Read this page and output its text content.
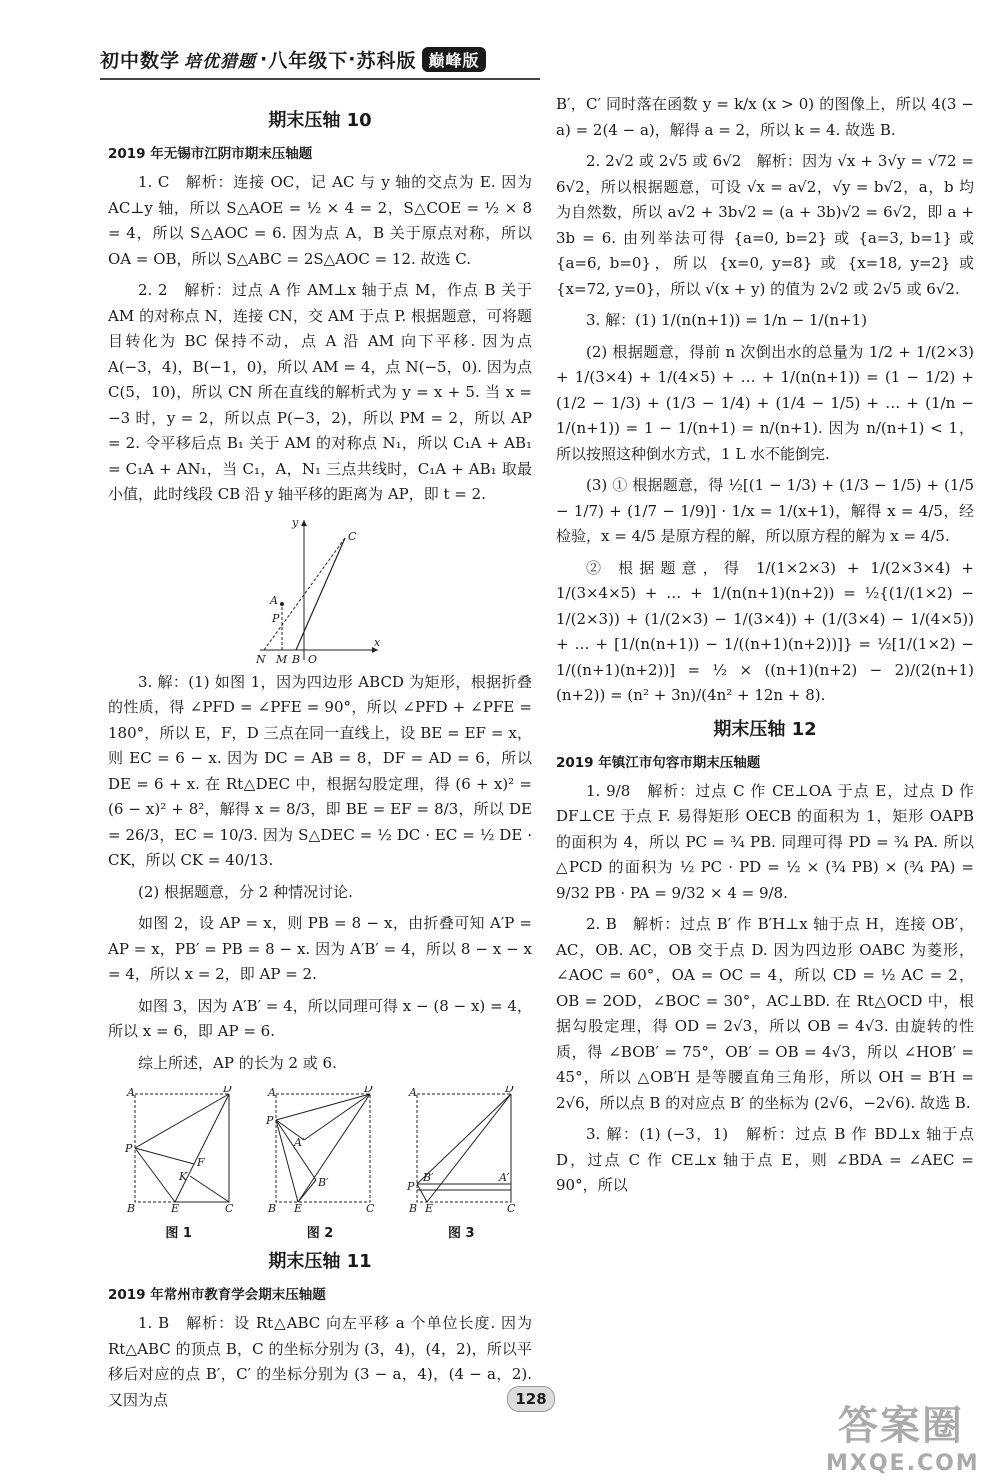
初中数学 培优猎题 · 八年级下 · 苏科版 巅峰版
期末压轴 10
2019 年无锡市江阴市期末压轴题

1. C　解析：连接 OC，记 AC 与 y 轴的交点为 E. 因为 AC⊥y 轴，所以 S△AOE = ½ × 4 = 2，S△COE = ½ × 8 = 4，所以 S△AOC = 6. 因为点 A，B 关于原点对称，所以 OA = OB，所以 S△ABC = 2S△AOC = 12. 故选 C.

2. 2　解析：过点 A 作 AM⊥x 轴于点 M，作点 B 关于 AM 的对称点 N，连接 CN，交 AM 于点 P. 根据题意，可将题目转化为 BC 保持不动，点 A 沿 AM 向下平移. 因为点 A(−3，4)，B(−1，0)，所以 AM = 4，点 N(−5，0). 因为点 C(5，10)，所以 CN 所在直线的解析式为 y = x + 5. 当 x = −3 时，y = 2，所以点 P(−3，2)，所以 PM = 2，所以 AP = 2. 令平移后点 B₁ 关于 AM 的对称点 N₁，所以 C₁A + AB₁ = C₁A + AN₁，当 C₁，A，N₁ 三点共线时，C₁A + AB₁ 取最小值，此时线段 CB 沿 y 轴平移的距离为 AP，即 t = 2.

y
C
A
P
N M B O
x

3. 解：(1) 如图 1，因为四边形 ABCD 为矩形，根据折叠的性质，得 ∠PFD = ∠PFE = 90°，所以 ∠PFD + ∠PFE = 180°，所以 E，F，D 三点在同一直线上，设 BE = EF = x，则 EC = 6 − x. 因为 DC = AB = 8，DF = AD = 6，所以 DE = 6 + x. 在 Rt△DEC 中，根据勾股定理，得 (6 + x)² = (6 − x)² + 8²，解得 x = 8/3，即 BE = EF = 8/3，所以 DE = 26/3，EC = 10/3. 因为 S△DEC = ½ DC · EC = ½ DE · CK，所以 CK = 40/13.

(2) 根据题意，分 2 种情况讨论.

如图 2，设 AP = x，则 PB = 8 − x，由折叠可知 A′P = AP = x，PB′ = PB = 8 − x. 因为 A′B′ = 4，所以 8 − x − x = 4，所以 x = 2，即 AP = 2.

如图 3，因为 A′B′ = 4，所以同理可得 x − (8 − x) = 4，所以 x = 6，即 AP = 6.

综上所述，AP 的长为 2 或 6.

A	D
P
K
F
B	E	C
图 1
A	D
P
A′
B′
B E	C
图 2
A	D
P
B′	A′
B E	C
图 3
期末压轴 11
2019 年常州市教育学会期末压轴题

1. B　解析：设 Rt△ABC 向左平移 a 个单位长度. 因为 Rt△ABC 的顶点 B，C 的坐标分别为 (3，4)，(4，2)，所以平移后对应的点 B′，C′ 的坐标分别为 (3 − a，4)，(4 − a，2). 又因为点

B′，C′ 同时落在函数 y = k/x (x > 0) 的图像上，所以 4(3 − a) = 2(4 − a)，解得 a = 2，所以 k = 4. 故选 B.

2. 2√2 或 2√5 或 6√2　解析：因为 √x + 3√y = √72 = 6√2，所以根据题意，可设 √x = a√2，√y = b√2，a，b 均为自然数，所以 a√2 + 3b√2 = (a + 3b)√2 = 6√2，即 a + 3b = 6. 由列举法可得 {a=0, b=2} 或 {a=3, b=1} 或 {a=6, b=0}，所以 {x=0, y=8} 或 {x=18, y=2} 或 {x=72, y=0}，所以 √(x + y) 的值为 2√2 或 2√5 或 6√2.

3. 解：(1) 1/(n(n+1)) = 1/n − 1/(n+1)

(2) 根据题意，得前 n 次倒出水的总量为 1/2 + 1/(2×3) + 1/(3×4) + 1/(4×5) + … + 1/(n(n+1)) = (1 − 1/2) + (1/2 − 1/3) + (1/3 − 1/4) + (1/4 − 1/5) + … + (1/n − 1/(n+1)) = 1 − 1/(n+1) = n/(n+1). 因为 n/(n+1) < 1，所以按照这种倒水方式，1 L 水不能倒完.

(3) ① 根据题意，得 ½[(1 − 1/3) + (1/3 − 1/5) + (1/5 − 1/7) + (1/7 − 1/9)] · 1/x = 1/(x+1)，解得 x = 4/5，经检验，x = 4/5 是原方程的解，所以原方程的解为 x = 4/5.

② 根据题意，得 1/(1×2×3) + 1/(2×3×4) + 1/(3×4×5) + … + 1/(n(n+1)(n+2)) = ½{(1/(1×2) − 1/(2×3)) + (1/(2×3) − 1/(3×4)) + (1/(3×4) − 1/(4×5)) + … + [1/(n(n+1)) − 1/((n+1)(n+2))]} = ½[1/(1×2) − 1/((n+1)(n+2))] = ½ × ((n+1)(n+2) − 2)/(2(n+1)(n+2)) = (n² + 3n)/(4n² + 12n + 8).

期末压轴 12
2019 年镇江市句容市期末压轴题

1. 9/8　解析：过点 C 作 CE⊥OA 于点 E，过点 D 作 DF⊥CE 于点 F. 易得矩形 OECB 的面积为 1，矩形 OAPB 的面积为 4，所以 PC = ¾ PB. 同理可得 PD = ¾ PA. 所以 △PCD 的面积为 ½ PC · PD = ½ × (¾ PB) × (¾ PA) = 9/32 PB · PA = 9/32 × 4 = 9/8.

2. B　解析：过点 B′ 作 B′H⊥x 轴于点 H，连接 OB′，AC，OB. AC，OB 交于点 D. 因为四边形 OABC 为菱形，∠AOC = 60°，OA = OC = 4，所以 CD = ½ AC = 2，OB = 2OD，∠BOC = 30°，AC⊥BD. 在 Rt△OCD 中，根据勾股定理，得 OD = 2√3，所以 OB = 4√3. 由旋转的性质，得 ∠BOB′ = 75°，OB′ = OB = 4√3，所以 ∠HOB′ = 45°，所以 △OB′H 是等腰直角三角形，所以 OH = B′H = 2√6，所以点 B 的对应点 B′ 的坐标为 (2√6，−2√6). 故选 B.

3. 解：(1) (−3，1)　解析：过点 B 作 BD⊥x 轴于点 D，过点 C 作 CE⊥x 轴于点 E，则 ∠BDA = ∠AEC = 90°，所以

128
答案圈
MXQE.COM
